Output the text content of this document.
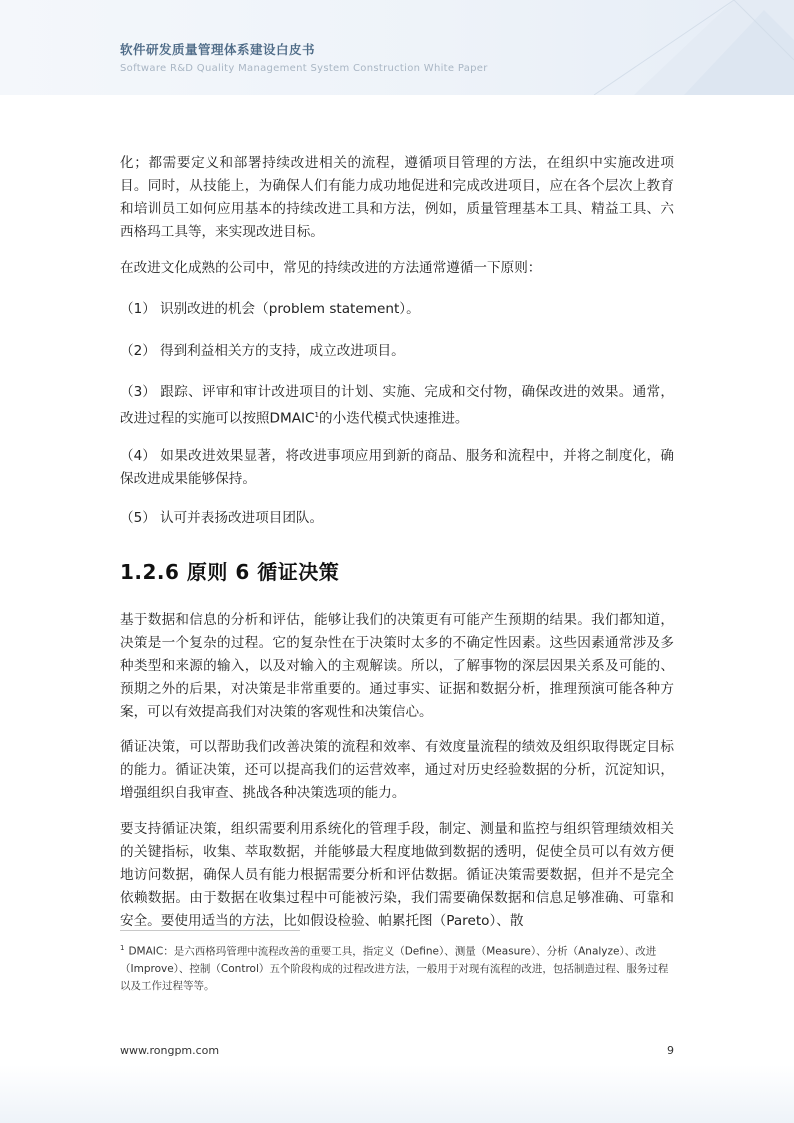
软件研发质量管理体系建设白皮书
Software R&D Quality Management System Construction White Paper

化；都需要定义和部署持续改进相关的流程，遵循项目管理的方法，在组织中实施改进项目。同时，从技能上，为确保人们有能力成功地促进和完成改进项目，应在各个层次上教育和培训员工如何应用基本的持续改进工具和方法，例如，质量管理基本工具、精益工具、六西格玛工具等，来实现改进目标。

在改进文化成熟的公司中，常见的持续改进的方法通常遵循一下原则：

（1） 识别改进的机会（problem statement）。

（2） 得到利益相关方的支持，成立改进项目。

（3） 跟踪、评审和审计改进项目的计划、实施、完成和交付物，确保改进的效果。通常，改进过程的实施可以按照DMAIC$^1$的小迭代模式快速推进。

（4） 如果改进效果显著，将改进事项应用到新的商品、服务和流程中，并将之制度化，确保改进成果能够保持。

（5） 认可并表扬改进项目团队。

1.2.6 原则 6 循证决策

基于数据和信息的分析和评估，能够让我们的决策更有可能产生预期的结果。我们都知道，决策是一个复杂的过程。它的复杂性在于决策时太多的不确定性因素。这些因素通常涉及多种类型和来源的输入，以及对输入的主观解读。所以，了解事物的深层因果关系及可能的、预期之外的后果，对决策是非常重要的。通过事实、证据和数据分析，推理预演可能各种方案，可以有效提高我们对决策的客观性和决策信心。

循证决策，可以帮助我们改善决策的流程和效率、有效度量流程的绩效及组织取得既定目标的能力。循证决策，还可以提高我们的运营效率，通过对历史经验数据的分析，沉淀知识，增强组织自我审查、挑战各种决策选项的能力。

要支持循证决策，组织需要利用系统化的管理手段，制定、测量和监控与组织管理绩效相关的关键指标，收集、萃取数据，并能够最大程度地做到数据的透明，促使全员可以有效方便地访问数据，确保人员有能力根据需要分析和评估数据。循证决策需要数据，但并不是完全依赖数据。由于数据在收集过程中可能被污染，我们需要确保数据和信息足够准确、可靠和安全。要使用适当的方法，比如假设检验、帕累托图（Pareto）、散

$^1$ DMAIC：是六西格玛管理中流程改善的重要工具，指定义（Define）、测量（Measure）、分析（Analyze）、改进（Improve）、控制（Control）五个阶段构成的过程改进方法，一般用于对现有流程的改进，包括制造过程、服务过程以及工作过程等等。

www.rongpm.com	9
